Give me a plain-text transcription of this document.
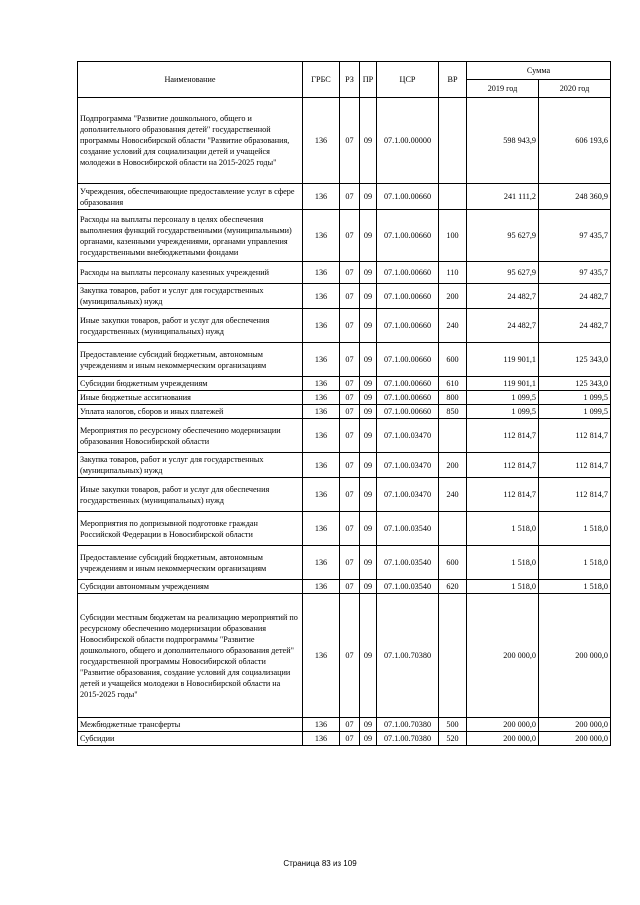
Наименование	ГРБС	РЗ	ПР	ЦСР	ВР	Сумма	
						2019 год	2020 год
Подпрограмма "Развитие дошкольного, общего и дополнительного образования детей" государственной программы Новосибирской области "Развитие образования, создание условий для социализации детей и учащейся молодежи в Новосибирской области на 2015-2025 годы"	136	07	09	07.1.00.00000		598 943,9	606 193,6
Учреждения, обеспечивающие предоставление услуг в сфере образования	136	07	09	07.1.00.00660		241 111,2	248 360,9
Расходы на выплаты персоналу в целях обеспечения выполнения функций государственными (муниципальными) органами, казенными учреждениями, органами управления государственными внебюджетными фондами	136	07	09	07.1.00.00660	100	95 627,9	97 435,7
Расходы на выплаты персоналу казенных учреждений	136	07	09	07.1.00.00660	110	95 627,9	97 435,7
Закупка товаров, работ и услуг для государственных (муниципальных) нужд	136	07	09	07.1.00.00660	200	24 482,7	24 482,7
Иные закупки товаров, работ и услуг для обеспечения государственных (муниципальных) нужд	136	07	09	07.1.00.00660	240	24 482,7	24 482,7
Предоставление субсидий бюджетным, автономным учреждениям и иным некоммерческим организациям	136	07	09	07.1.00.00660	600	119 901,1	125 343,0
Субсидии бюджетным учреждениям	136	07	09	07.1.00.00660	610	119 901,1	125 343,0
Иные бюджетные ассигнования	136	07	09	07.1.00.00660	800	1 099,5	1 099,5
Уплата налогов, сборов и иных платежей	136	07	09	07.1.00.00660	850	1 099,5	1 099,5
Мероприятия по ресурсному обеспечению модернизации образования Новосибирской области	136	07	09	07.1.00.03470		112 814,7	112 814,7
Закупка товаров, работ и услуг для государственных (муниципальных) нужд	136	07	09	07.1.00.03470	200	112 814,7	112 814,7
Иные закупки товаров, работ и услуг для обеспечения государственных (муниципальных) нужд	136	07	09	07.1.00.03470	240	112 814,7	112 814,7
Мероприятия по допризывной подготовке граждан Российской Федерации в Новосибирской области	136	07	09	07.1.00.03540		1 518,0	1 518,0
Предоставление субсидий бюджетным, автономным учреждениям и иным некоммерческим организациям	136	07	09	07.1.00.03540	600	1 518,0	1 518,0
Субсидии автономным учреждениям	136	07	09	07.1.00.03540	620	1 518,0	1 518,0
Субсидии местным бюджетам на реализацию мероприятий по ресурсному обеспечению модернизации образования Новосибирской области подпрограммы "Развитие дошкольного, общего и дополнительного образования детей" государственной программы Новосибирской области "Развитие образования, создание условий для социализации детей и учащейся молодежи в Новосибирской области на 2015-2025 годы"	136	07	09	07.1.00.70380		200 000,0	200 000,0
Межбюджетные трансферты	136	07	09	07.1.00.70380	500	200 000,0	200 000,0
Субсидии	136	07	09	07.1.00.70380	520	200 000,0	200 000,0
Страница 83 из 109
